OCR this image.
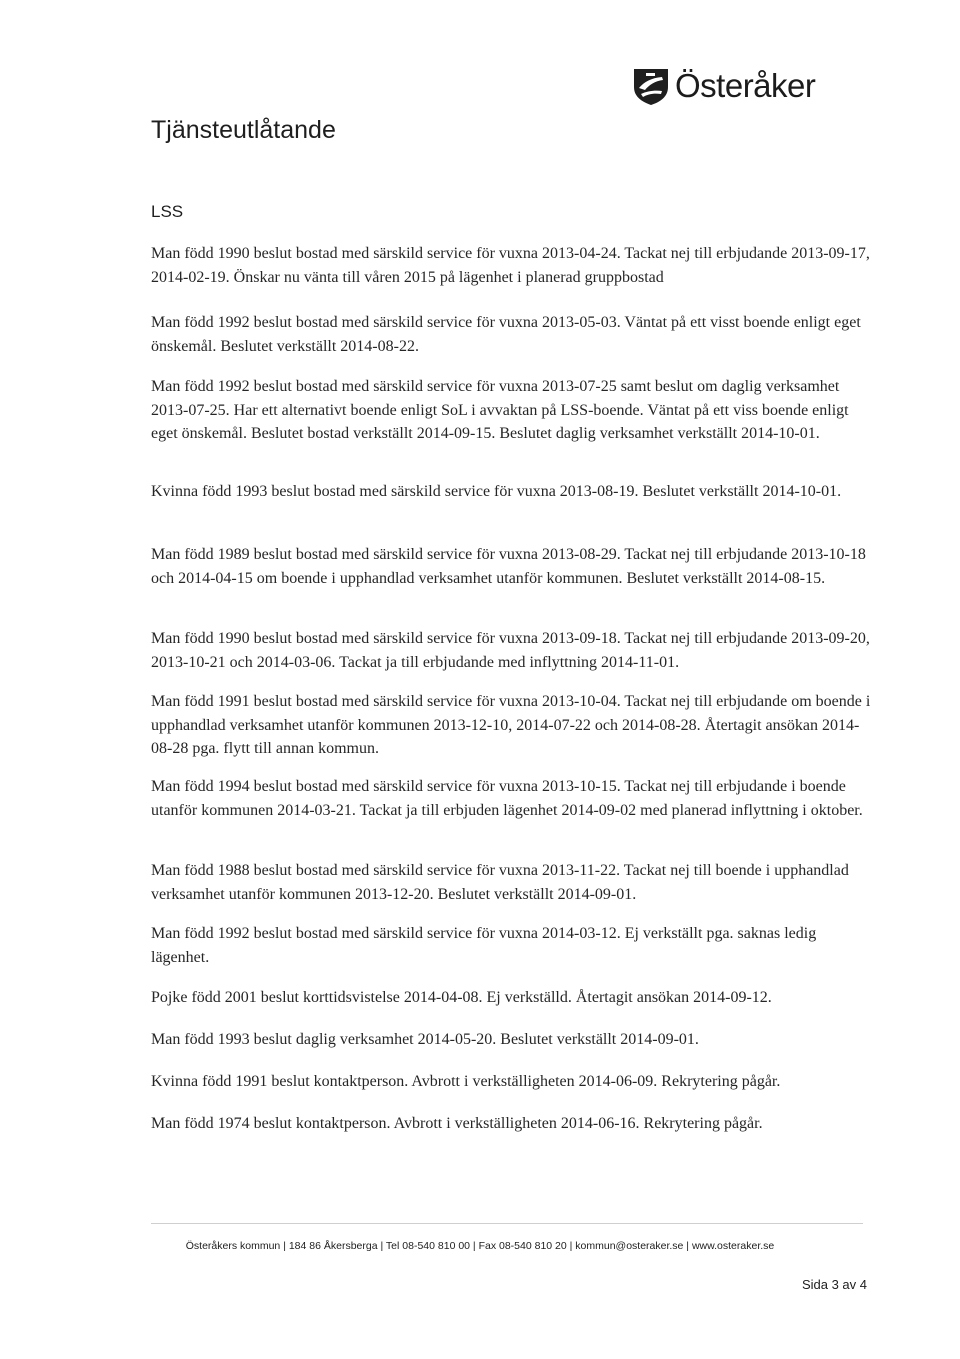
Österåker
Tjänsteutlåtande
LSS

Man född 1990 beslut bostad med särskild service för vuxna 2013-04-24. Tackat nej till erbjudande 2013-09-17, 2014-02-19. Önskar nu vänta till våren 2015 på lägenhet i planerad gruppbostad

Man född 1992 beslut bostad med särskild service för vuxna 2013-05-03. Väntat på ett visst boende enligt eget önskemål. Beslutet verkställt 2014-08-22.

Man född 1992 beslut bostad med särskild service för vuxna 2013-07-25 samt beslut om daglig verksamhet 2013-07-25. Har ett alternativt boende enligt SoL i avvaktan på LSS-boende. Väntat på ett viss boende enligt eget önskemål. Beslutet bostad verkställt 2014-09-15. Beslutet daglig verksamhet verkställt 2014-10-01.

Kvinna född 1993 beslut bostad med särskild service för vuxna 2013-08-19. Beslutet verkställt 2014-10-01.

Man född 1989 beslut bostad med särskild service för vuxna 2013-08-29. Tackat nej till erbjudande 2013-10-18 och 2014-04-15 om boende i upphandlad verksamhet utanför kommunen. Beslutet verkställt 2014-08-15.

Man född 1990 beslut bostad med särskild service för vuxna 2013-09-18. Tackat nej till erbjudande 2013-09-20, 2013-10-21 och 2014-03-06. Tackat ja till erbjudande med inflyttning 2014-11-01.

Man född 1991 beslut bostad med särskild service för vuxna 2013-10-04. Tackat nej till erbjudande om boende i upphandlad verksamhet utanför kommunen 2013-12-10, 2014-07-22 och 2014-08-28. Återtagit ansökan 2014-08-28 pga. flytt till annan kommun.

Man född 1994 beslut bostad med särskild service för vuxna 2013-10-15. Tackat nej till erbjudande i boende utanför kommunen 2014-03-21. Tackat ja till erbjuden lägenhet 2014-09-02 med planerad inflyttning i oktober.

Man född 1988 beslut bostad med särskild service för vuxna 2013-11-22. Tackat nej till boende i upphandlad verksamhet utanför kommunen 2013-12-20. Beslutet verkställt 2014-09-01.

Man född 1992 beslut bostad med särskild service för vuxna 2014-03-12. Ej verkställt pga. saknas ledig lägenhet.

Pojke född 2001 beslut korttidsvistelse 2014-04-08. Ej verkställd. Återtagit ansökan 2014-09-12.

Man född 1993 beslut daglig verksamhet 2014-05-20. Beslutet verkställt 2014-09-01.

Kvinna född 1991 beslut kontaktperson. Avbrott i verkställigheten 2014-06-09. Rekrytering pågår.

Man född 1974 beslut kontaktperson. Avbrott i verkställigheten 2014-06-16. Rekrytering pågår.

Österåkers kommun | 184 86 Åkersberga | Tel 08-540 810 00 | Fax 08-540 810 20 | kommun@osteraker.se | www.osteraker.se
Sida 3 av 4
